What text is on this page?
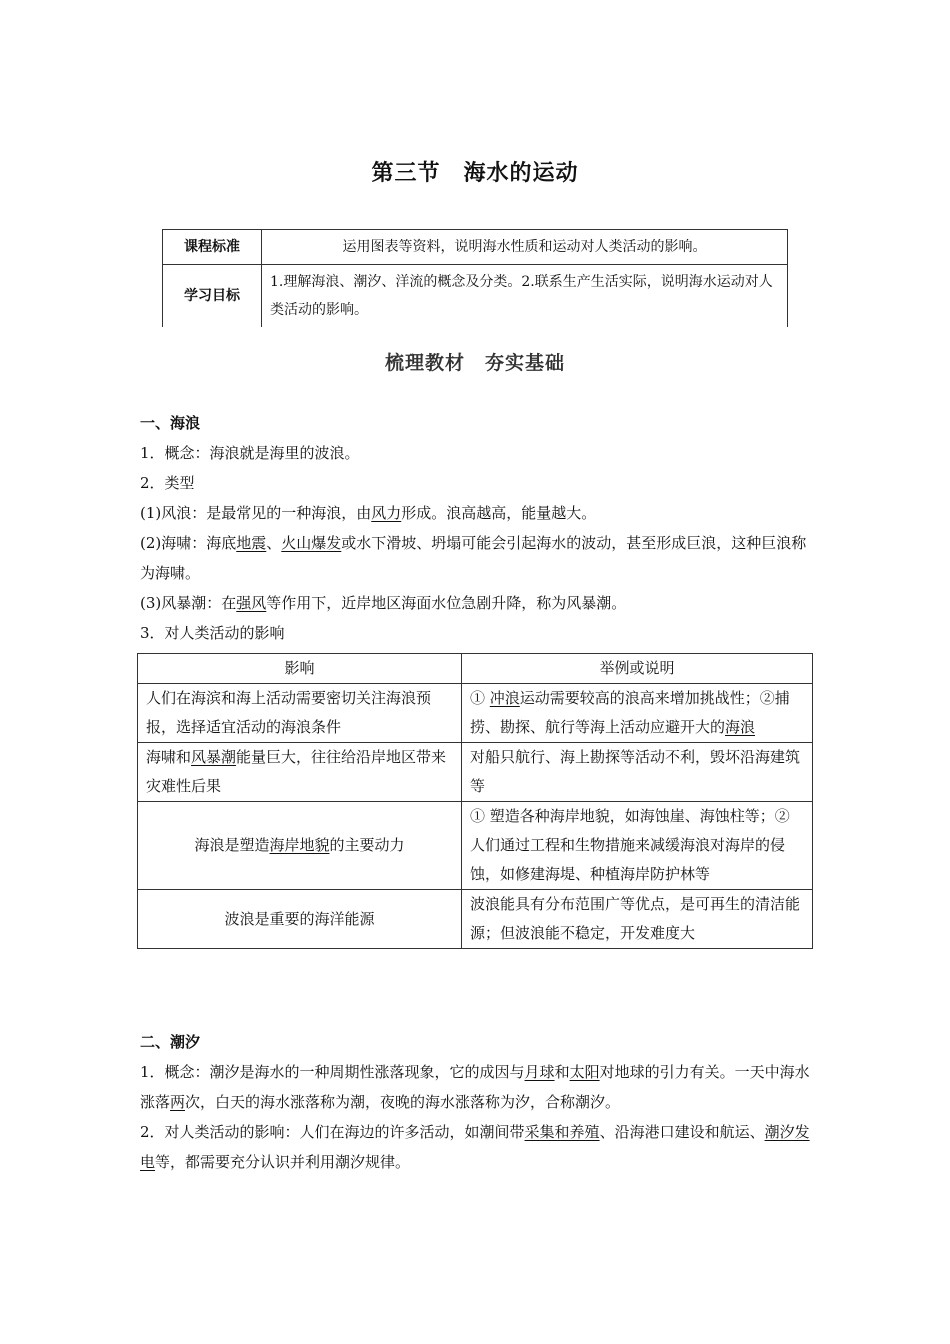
第三节　海水的运动
课程标准	运用图表等资料，说明海水性质和运动对人类活动的影响。
学习目标	1.理解海浪、潮汐、洋流的概念及分类。2.联系生产生活实际，说明海水运动对人类活动的影响。
梳理教材　夯实基础

一、海浪

1．概念：海浪就是海里的波浪。

2．类型

(1)风浪：是最常见的一种海浪，由风力形成。浪高越高，能量越大。

(2)海啸：海底地震、火山爆发或水下滑坡、坍塌可能会引起海水的波动，甚至形成巨浪，这种巨浪称为海啸。

(3)风暴潮：在强风等作用下，近岸地区海面水位急剧升降，称为风暴潮。

3．对人类活动的影响

影响	举例或说明
人们在海滨和海上活动需要密切关注海浪预报，选择适宜活动的海浪条件	① 冲浪运动需要较高的浪高来增加挑战性；②捕捞、勘探、航行等海上活动应避开大的海浪
海啸和风暴潮能量巨大，往往给沿岸地区带来灾难性后果	对船只航行、海上勘探等活动不利，毁坏沿海建筑等
海浪是塑造海岸地貌的主要动力	① 塑造各种海岸地貌，如海蚀崖、海蚀柱等；②人们通过工程和生物措施来减缓海浪对海岸的侵蚀，如修建海堤、种植海岸防护林等
波浪是重要的海洋能源	波浪能具有分布范围广等优点，是可再生的清洁能源；但波浪能不稳定，开发难度大

二、潮汐

1．概念：潮汐是海水的一种周期性涨落现象，它的成因与月球和太阳对地球的引力有关。一天中海水涨落两次，白天的海水涨落称为潮，夜晚的海水涨落称为汐，合称潮汐。

2．对人类活动的影响：人们在海边的许多活动，如潮间带采集和养殖、沿海港口建设和航运、潮汐发电等，都需要充分认识并利用潮汐规律。
